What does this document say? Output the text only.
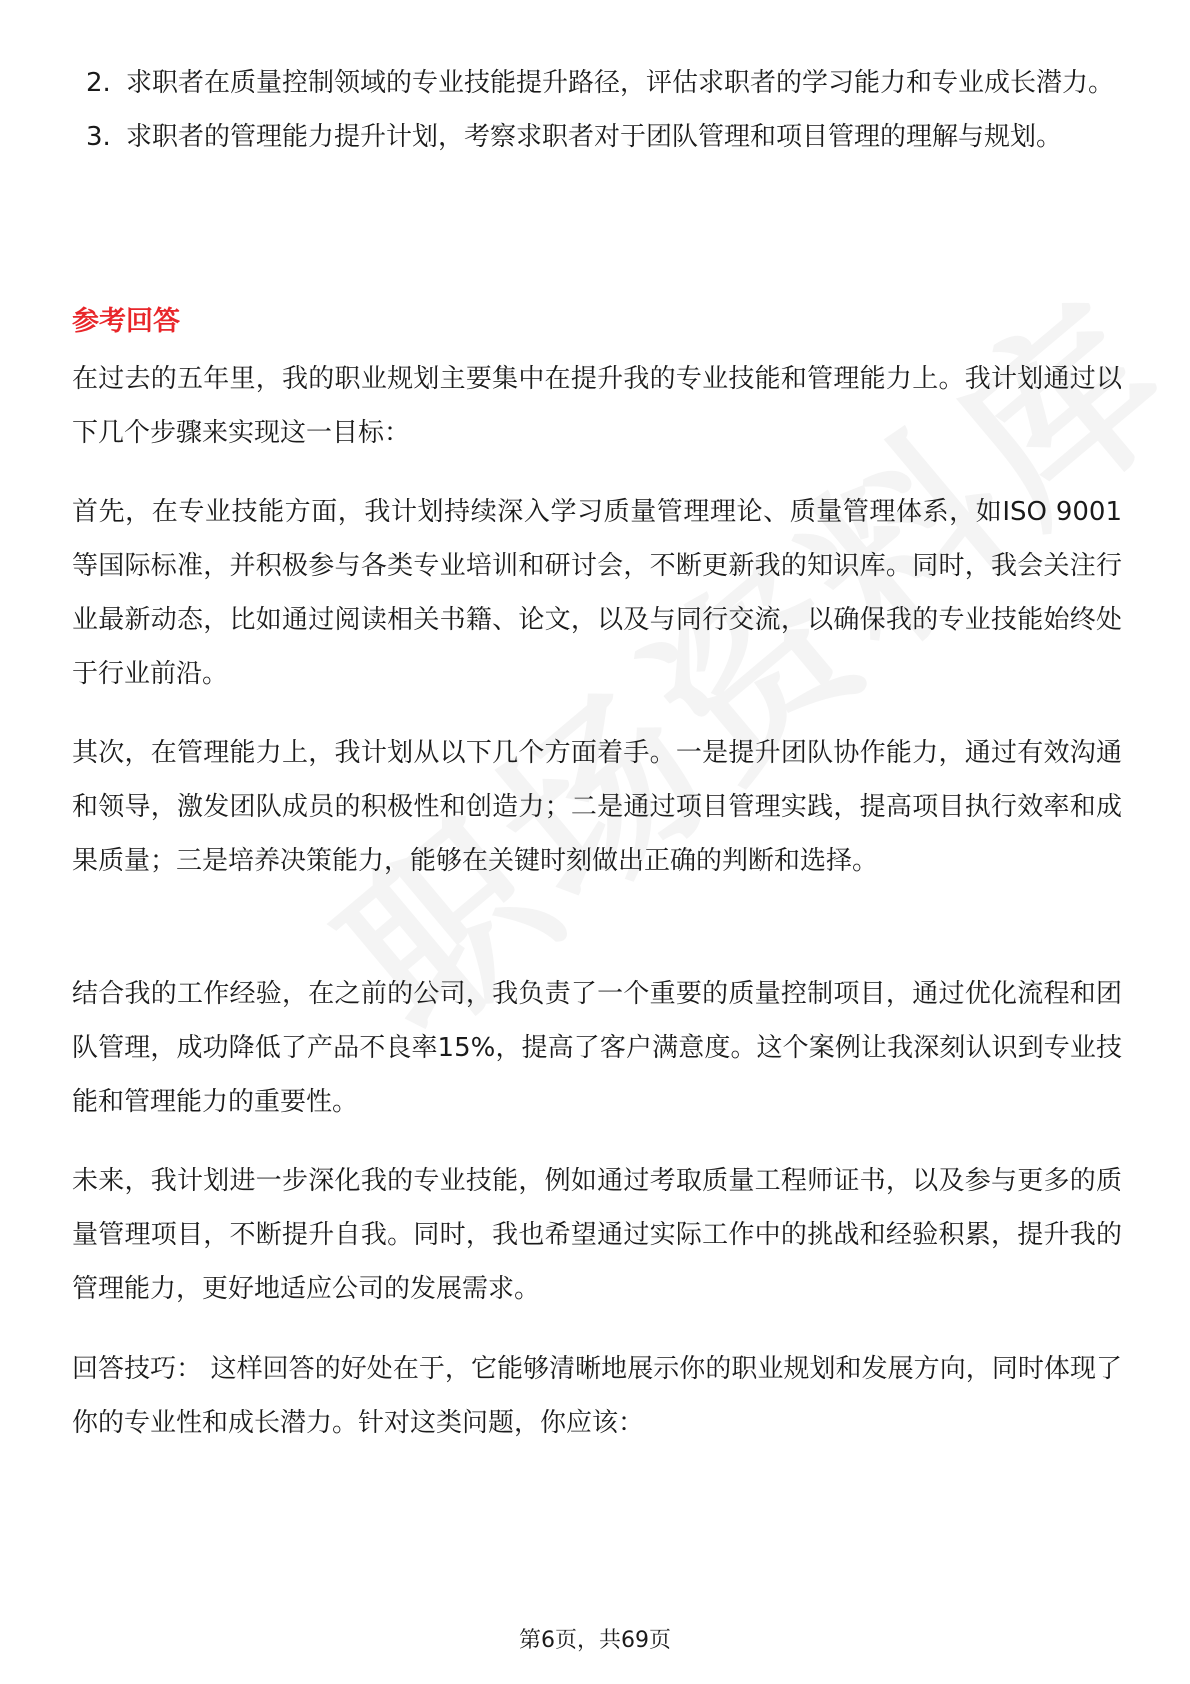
2. 求职者在质量控制领域的专业技能提升路径，评估求职者的学习能力和专业成长潜力。
3. 求职者的管理能力提升计划，考察求职者对于团队管理和项目管理的理解与规划。
参考回答

在过去的五年里，我的职业规划主要集中在提升我的专业技能和管理能力上。我计划通过以下几个步骤来实现这一目标：

首先，在专业技能方面，我计划持续深入学习质量管理理论、质量管理体系，如ISO 9001等国际标准，并积极参与各类专业培训和研讨会，不断更新我的知识库。同时，我会关注行业最新动态，比如通过阅读相关书籍、论文，以及与同行交流，以确保我的专业技能始终处于行业前沿。

其次，在管理能力上，我计划从以下几个方面着手。一是提升团队协作能力，通过有效沟通和领导，激发团队成员的积极性和创造力；二是通过项目管理实践，提高项目执行效率和成果质量；三是培养决策能力，能够在关键时刻做出正确的判断和选择。

结合我的工作经验，在之前的公司，我负责了一个重要的质量控制项目，通过优化流程和团队管理，成功降低了产品不良率15%，提高了客户满意度。这个案例让我深刻认识到专业技能和管理能力的重要性。

未来，我计划进一步深化我的专业技能，例如通过考取质量工程师证书，以及参与更多的质量管理项目，不断提升自我。同时，我也希望通过实际工作中的挑战和经验积累，提升我的管理能力，更好地适应公司的发展需求。

回答技巧： 这样回答的好处在于，它能够清晰地展示你的职业规划和发展方向，同时体现了你的专业性和成长潜力。针对这类问题，你应该：

第6页，共69页
